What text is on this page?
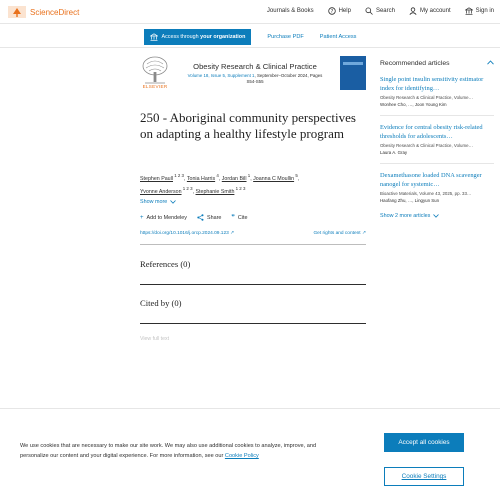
ScienceDirect	Journals & Books	? Help	Search	My account	Sign in
Access through your organization	Purchase PDF	Patient Access
ELSEVIER
Obesity Research & Clinical Practice
Volume 18, Issue 5, Supplement 1, September–October 2024, Pages
S54-S55
250 - Aboriginal community perspectives on adapting a healthy lifestyle program
Stephen Paull $^{1 2 3}$, Tonia Harris $^4$, Jordan Bill $^1$, Joanna C Moullin $^5$,
Yvonne Anderson $^{1 2 3}$, Stephanie Smith $^{1 2 3}$
Show more
+ Add to Mendeley	Share ❞ Cite
https://doi.org/10.1016/j.orcp.2024.09.123 ↗	Get rights and content ↗
References (0)
Cited by (0)
View full text
Recommended articles
Single point insulin sensitivity estimator index for identifying…
Obesity Research & Clinical Practice, Volume…
Wonhee Cho, …, Joon Young Kim
Evidence for central obesity risk-related thresholds for adolescents…
Obesity Research & Clinical Practice, Volume…
Laura A. Gray
Dexamethasone loaded DNA scavenger nanogel for systemic…
Bioactive Materials, Volume 43, 2025, pp. 33…
Haofang Zhu, …, Lingyun Sun
Show 2 more articles
We use cookies that are necessary to make our site work. We may also use additional cookies to analyze, improve, and personalize our content and your digital experience. For more information, see our Cookie Policy
Accept all cookies
Cookie Settings
